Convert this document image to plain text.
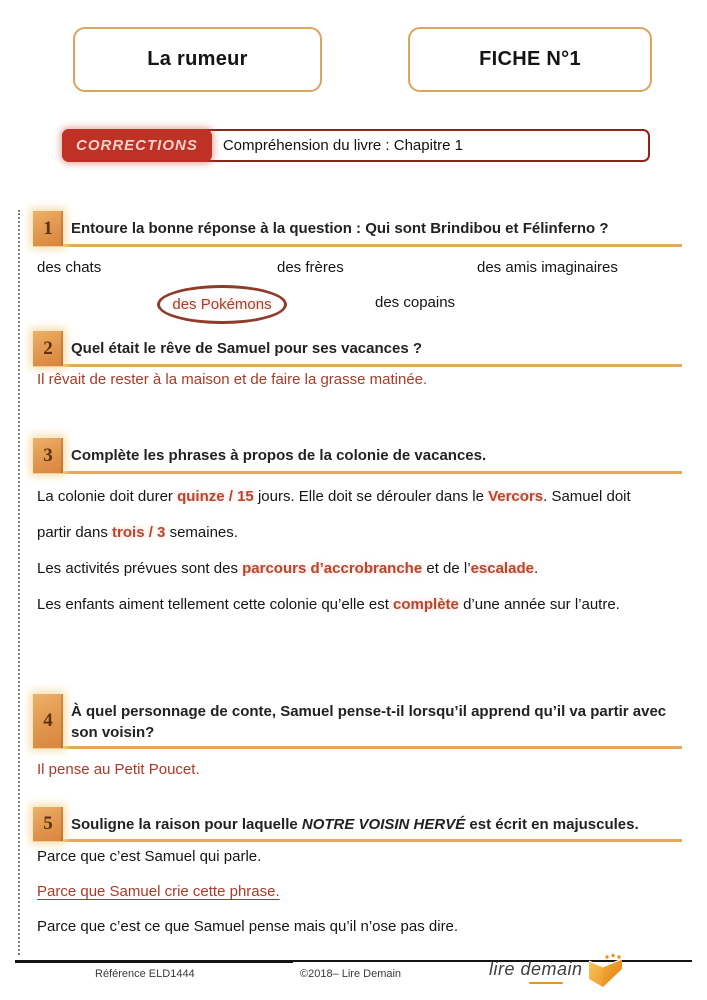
La rumeur	FICHE N°1
CORRECTIONS	Compréhension du livre : Chapitre 1
1	Entoure la bonne réponse à la question : Qui sont Brindibou et Félinferno ?
des chats	des frères	des amis imaginaires
des Pokémons	des copains
2	Quel était le rêve de Samuel pour ses vacances ?
Il rêvait de rester à la maison et de faire la grasse matinée.
3	Complète les phrases à propos de la colonie de vacances.
La colonie doit durer quinze / 15 jours. Elle doit se dérouler dans le Vercors. Samuel doit
partir dans trois / 3 semaines.
Les activités prévues sont des parcours d’accrobranche et de l’escalade.
Les enfants aiment tellement cette colonie qu’elle est complète d’une année sur l’autre.
4	À quel personnage de conte, Samuel pense-t-il lorsqu’il apprend qu’il va partir avec son voisin?
Il pense au Petit Poucet.
5	Souligne la raison pour laquelle NOTRE VOISIN HERVÉ est écrit en majuscules.
Parce que c’est Samuel qui parle.
Parce que Samuel crie cette phrase.
Parce que c’est ce que Samuel pense mais qu’il n’ose pas dire.
Référence ELD1444	©2018– Lire Demain	lire demain
